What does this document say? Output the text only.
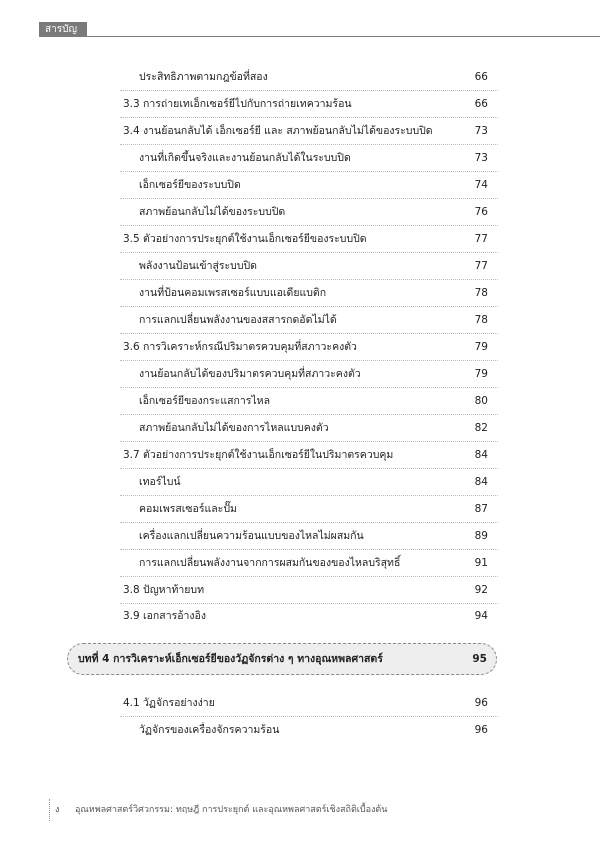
สารบัญ
ประสิทธิภาพตามกฎข้อที่สอง	66
3.3 การถ่ายเทเอ็กเซอร์ยีไปกับการถ่ายเทความร้อน	66
3.4 งานย้อนกลับได้ เอ็กเซอร์ยี และ สภาพย้อนกลับไม่ได้ของระบบปิด	73
งานที่เกิดขึ้นจริงและงานย้อนกลับได้ในระบบปิด	73
เอ็กเซอร์ยีของระบบปิด	74
สภาพย้อนกลับไม่ได้ของระบบปิด	76
3.5 ตัวอย่างการประยุกต์ใช้งานเอ็กเซอร์ยีของระบบปิด	77
พลังงานป้อนเข้าสู่ระบบปิด	77
งานที่ป้อนคอมเพรสเซอร์แบบแอเดียแบติก	78
การแลกเปลี่ยนพลังงานของสสารกดอัดไม่ได้	78
3.6 การวิเคราะห์กรณีปริมาตรควบคุมที่สภาวะคงตัว	79
งานย้อนกลับได้ของปริมาตรควบคุมที่สภาวะคงตัว	79
เอ็กเซอร์ยีของกระแสการไหล	80
สภาพย้อนกลับไม่ได้ของการไหลแบบคงตัว	82
3.7 ตัวอย่างการประยุกต์ใช้งานเอ็กเซอร์ยีในปริมาตรควบคุม	84
เทอร์ไบน์	84
คอมเพรสเซอร์และปั๊ม	87
เครื่องแลกเปลี่ยนความร้อนแบบของไหลไม่ผสมกัน	89
การแลกเปลี่ยนพลังงานจากการผสมกันของของไหลบริสุทธิ์	91
3.8 ปัญหาท้ายบท	92
3.9 เอกสารอ้างอิง	94
บทที่ 4 การวิเคราะห์เอ็กเซอร์ยีของวัฏจักรต่าง ๆ ทางอุณหพลศาสตร์	95
4.1 วัฏจักรอย่างง่าย	96
วัฏจักรของเครื่องจักรความร้อน	96
ง อุณหพลศาสตร์วิศวกรรม: ทฤษฎี การประยุกต์ และอุณหพลศาสตร์เชิงสถิติเบื้องต้น
